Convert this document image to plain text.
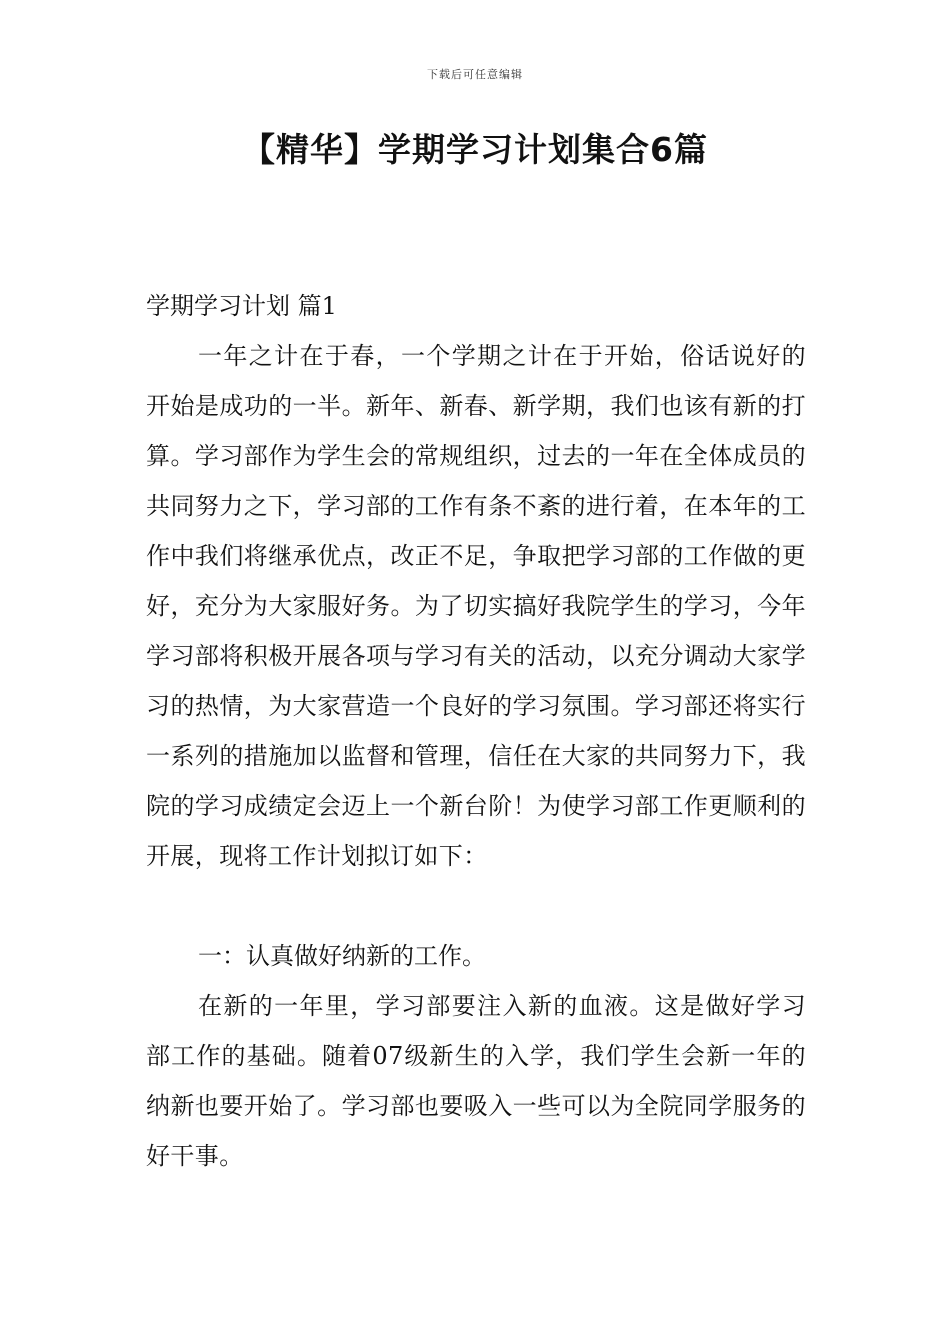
下载后可任意编辑
【精华】学期学习计划集合6篇

学期学习计划 篇1

一年之计在于春，一个学期之计在于开始，俗话说好的开始是成功的一半。新年、新春、新学期，我们也该有新的打算。学习部作为学生会的常规组织，过去的一年在全体成员的共同努力之下，学习部的工作有条不紊的进行着，在本年的工作中我们将继承优点，改正不足，争取把学习部的工作做的更好，充分为大家服好务。为了切实搞好我院学生的学习，今年学习部将积极开展各项与学习有关的活动，以充分调动大家学习的热情，为大家营造一个良好的学习氛围。学习部还将实行一系列的措施加以监督和管理，信任在大家的共同努力下，我院的学习成绩定会迈上一个新台阶！为使学习部工作更顺利的开展，现将工作计划拟订如下：

一：认真做好纳新的工作。

在新的一年里，学习部要注入新的血液。这是做好学习部工作的基础。随着07级新生的入学，我们学生会新一年的纳新也要开始了。学习部也要吸入一些可以为全院同学服务的好干事。
